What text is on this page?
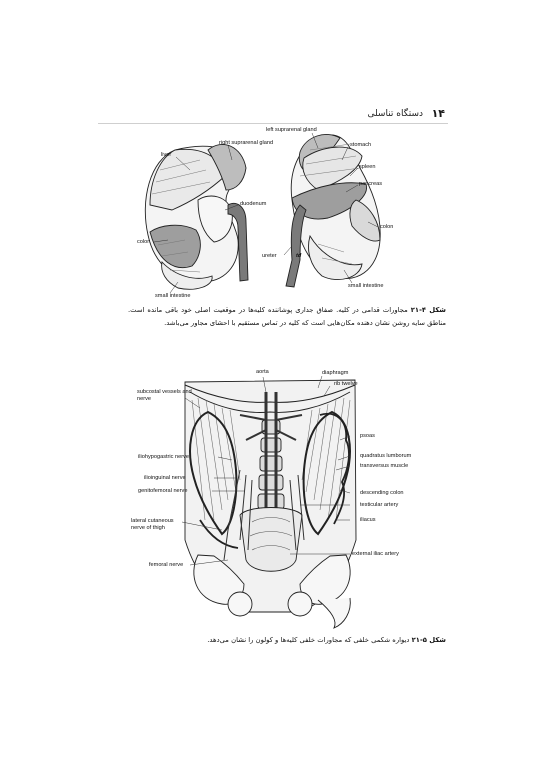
۱۴
دستگاه تناسلی
left suprarenal gland
right suprarenal gland
liver
stomach
spleen
pancreas
duodenum
colon
colon
ureter	td
small intestine
small intestine
شکل ۴-۲۱ مجاورات قدامی در کلیه. صفاق جداری پوشاننده کلیه‌ها در موقعیت اصلی خود باقی مانده است. مناطق سایه روشن نشان دهنده مکان‌هایی است که کلیه در تماس مستقیم با احشای مجاور می‌باشد.
aorta	diaphragm
rib twelve
subcostal vessels and
nerve
psoas
quadratus lumborum
transversus muscle
iliohypogastric nerve
ilioinguinal nerve
genitofemoral nerve	descending colon
testicular artery
iliacus
lateral cutaneous
nerve of thigh
external iliac artery
femoral nerve
شکل ۵-۲۱ دیواره شکمی خلفی که مجاورات خلفی کلیه‌ها و کولون را نشان می‌دهد.
